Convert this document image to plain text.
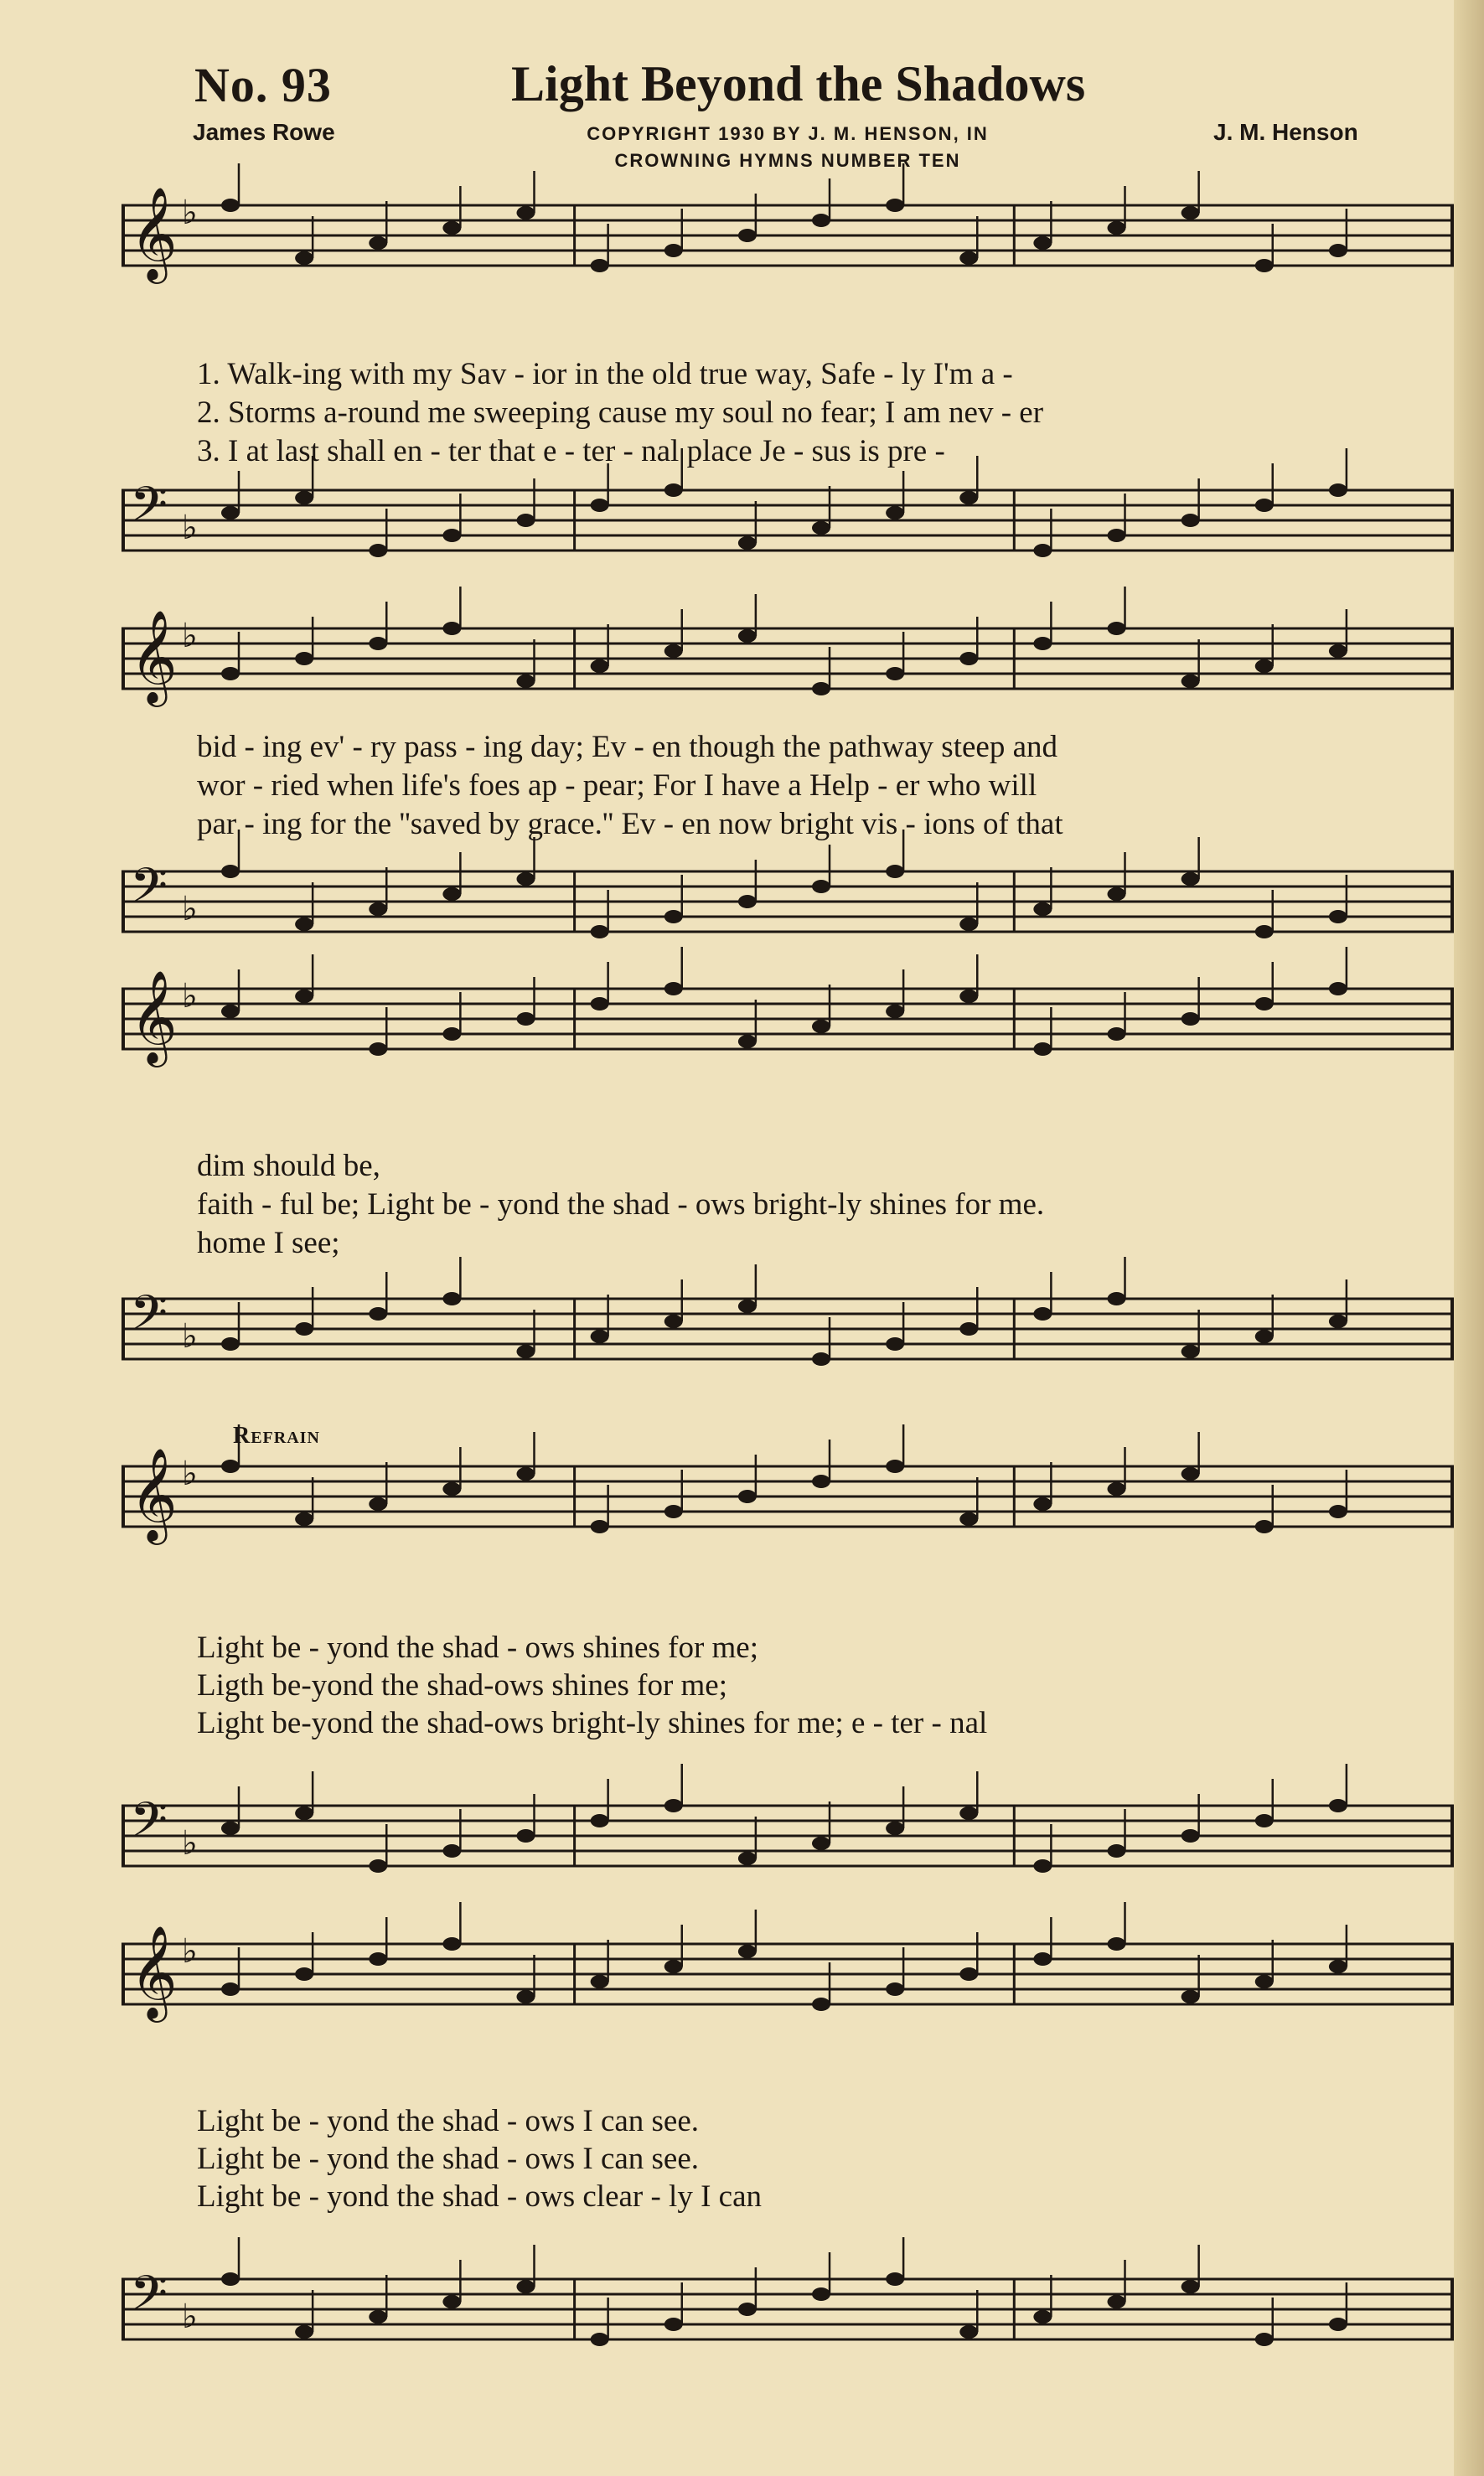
No. 93	Light Beyond the Shadows
James Rowe	COPYRIGHT 1930 BY J. M. HENSON, IN
CROWNING HYMNS NUMBER TEN
J. M. Henson
𝄞 ♭
1. Walk-ing with my Sav - ior in the old true way, Safe - ly I'm a -
2. Storms a-round me sweeping cause my soul no fear; I am nev - er
3. I at last shall en - ter that e - ter - nal place Je - sus is pre -
𝄢 ♭
𝄞 ♭
bid - ing ev' - ry pass - ing day; Ev - en though the pathway steep and
wor - ried when life's foes ap - pear; For I have a Help - er who will
par - ing for the ''saved by grace.'' Ev - en now bright vis - ions of that
𝄢 ♭
𝄞 ♭
dim should be,
faith - ful be; Light be - yond the shad - ows bright-ly shines for me.
home I see;
𝄢 ♭
Refrain
𝄞 ♭
Light be - yond the shad - ows shines for me;
Ligth be-yond the shad-ows shines for me;
Light be-yond the shad-ows bright-ly shines for me; e - ter - nal
𝄢 ♭
𝄞 ♭
Light be - yond the shad - ows I can see.
Light be - yond the shad - ows I can see.
Light be - yond the shad - ows clear - ly I can
𝄢 ♭
